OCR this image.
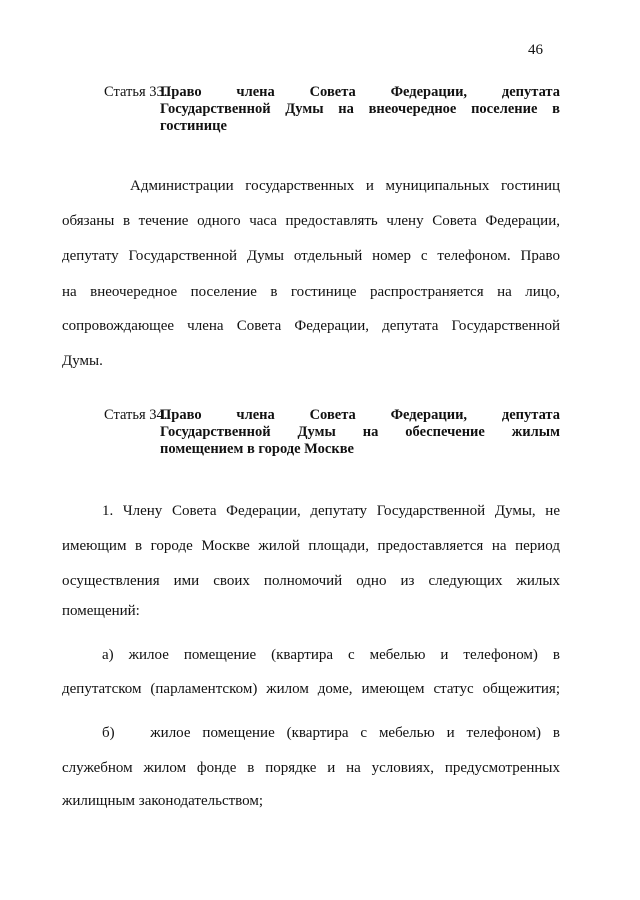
46
Статья 33.
Право члена Совета Федерации, депутата
Государственной Думы на внеочередное поселение в
гостинице
Администрации государственных и муниципальных гостиниц
обязаны в течение одного часа предоставлять члену Совета Федерации,
депутату Государственной Думы отдельный номер с телефоном. Право
на внеочередное поселение в гостинице распространяется на лицо,
сопровождающее члена Совета Федерации, депутата Государственной
Думы.
Статья 34.
Право члена Совета Федерации, депутата
Государственной Думы на обеспечение жилым
помещением в городе Москве
1. Члену Совета Федерации, депутату Государственной Думы, не
имеющим в городе Москве жилой площади, предоставляется на период
осуществления ими своих полномочий одно из следующих жилых
помещений:
а) жилое помещение (квартира с мебелью и телефоном) в
депутатском (парламентском) жилом доме, имеющем статус общежития;
б)   жилое помещение (квартира с мебелью и телефоном) в
служебном жилом фонде в порядке и на условиях, предусмотренных
жилищным законодательством;
